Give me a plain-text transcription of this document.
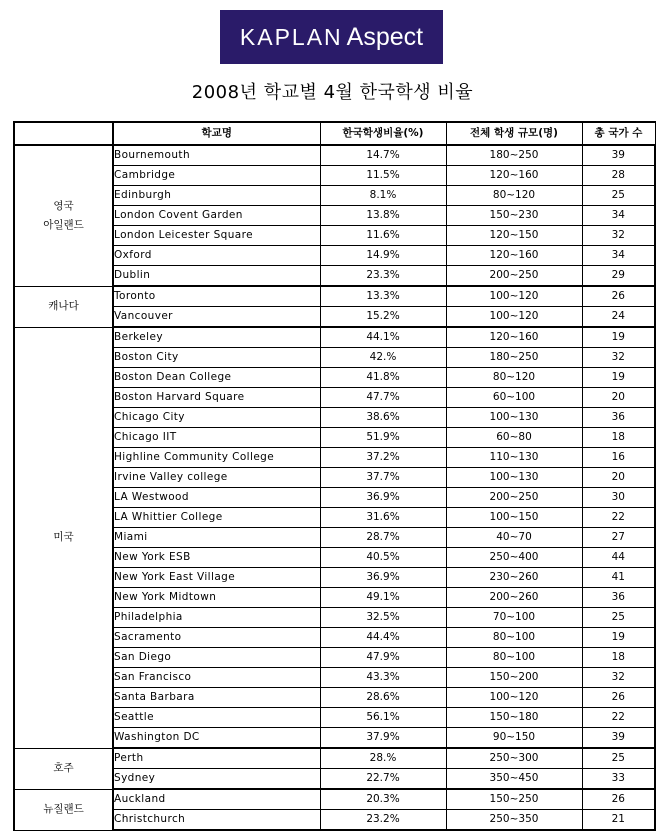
KAPLAN Aspect
2008년 학교별 4월 한국학생 비율
	학교명	한국학생비율(%)	전체 학생 규모(명)	총 국가 수
영국
아일랜드	Bournemouth	14.7%	180~250	39
	Cambridge	11.5%	120~160	28
	Edinburgh	8.1%	80~120	25
	London Covent Garden	13.8%	150~230	34
	London Leicester Square	11.6%	120~150	32
	Oxford	14.9%	120~160	34
	Dublin	23.3%	200~250	29
캐나다	Toronto	13.3%	100~120	26
	Vancouver	15.2%	100~120	24
미국	Berkeley	44.1%	120~160	19
	Boston City	42.%	180~250	32
	Boston Dean College	41.8%	80~120	19
	Boston Harvard Square	47.7%	60~100	20
	Chicago City	38.6%	100~130	36
	Chicago IIT	51.9%	60~80	18
	Highline Community College	37.2%	110~130	16
	Irvine Valley college	37.7%	100~130	20
	LA Westwood	36.9%	200~250	30
	LA Whittier College	31.6%	100~150	22
	Miami	28.7%	40~70	27
	New York ESB	40.5%	250~400	44
	New York East Village	36.9%	230~260	41
	New York Midtown	49.1%	200~260	36
	Philadelphia	32.5%	70~100	25
	Sacramento	44.4%	80~100	19
	San Diego	47.9%	80~100	18
	San Francisco	43.3%	150~200	32
	Santa Barbara	28.6%	100~120	26
	Seattle	56.1%	150~180	22
	Washington DC	37.9%	90~150	39
호주	Perth	28.%	250~300	25
	Sydney	22.7%	350~450	33
뉴질랜드	Auckland	20.3%	150~250	26
	Christchurch	23.2%	250~350	21
